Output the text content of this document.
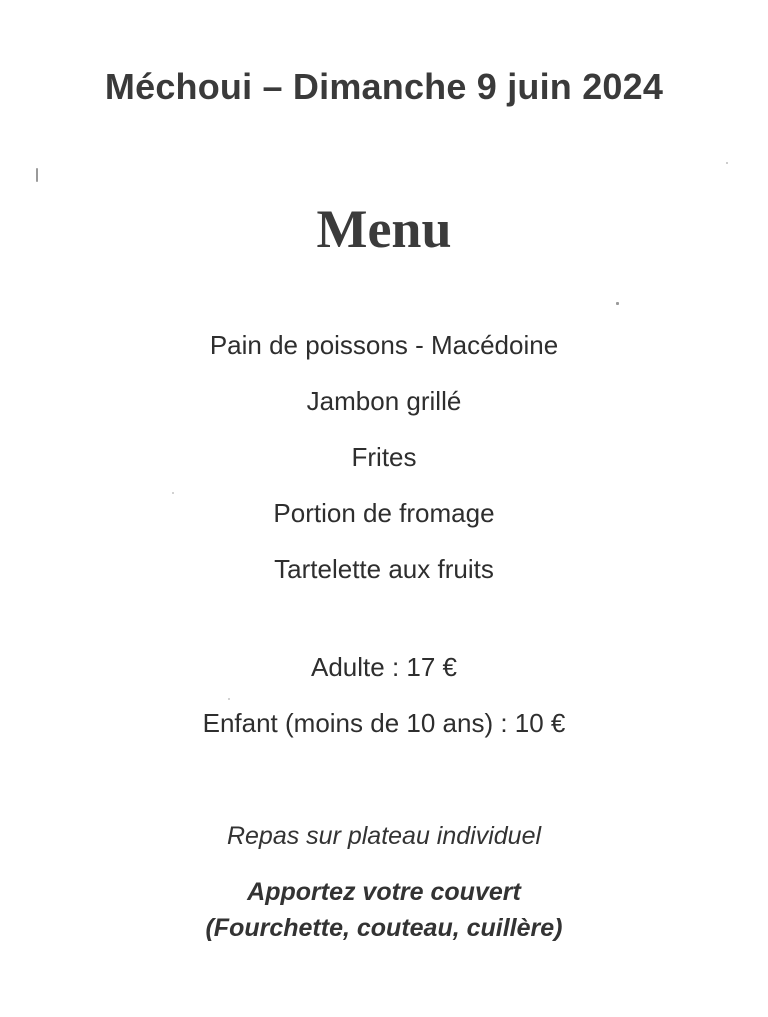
Méchoui – Dimanche 9 juin 2024
Menu
Pain de poissons - Macédoine
Jambon grillé
Frites
Portion de fromage
Tartelette aux fruits
Adulte : 17 €
Enfant (moins de 10 ans) : 10 €
Repas sur plateau individuel
Apportez votre couvert
(Fourchette, couteau, cuillère)
